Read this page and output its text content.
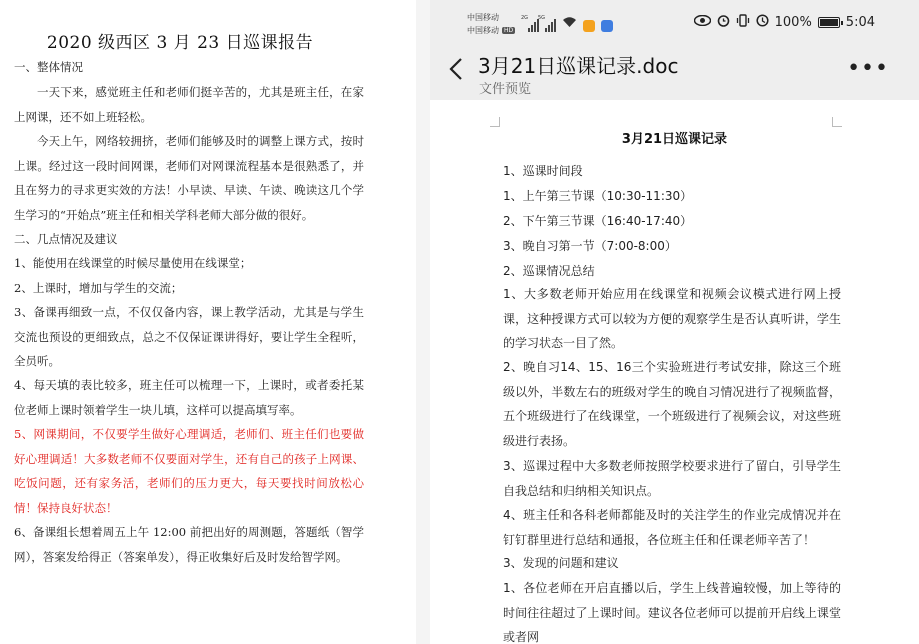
2020 级西区 3 月 23 日巡课报告
一、整体情况
一天下来，感觉班主任和老师们挺辛苦的，尤其是班主任，在家上网课，还不如上班轻松。
今天上午，网络较拥挤，老师们能够及时的调整上课方式，按时上课。经过这一段时间网课，老师们对网课流程基本是很熟悉了，并且在努力的寻求更实效的方法！小早读、早读、午读、晚读这几个学生学习的“开始点”班主任和相关学科老师大部分做的很好。
二、几点情况及建议
1、能使用在线课堂的时候尽量使用在线课堂；
2、上课时，增加与学生的交流；
3、备课再细致一点，不仅仅备内容，课上教学活动，尤其是与学生交流也预设的更细致点，总之不仅保证课讲得好，要让学生全程听，全员听。
4、每天填的表比较多，班主任可以梳理一下，上课时，或者委托某位老师上课时领着学生一块儿填，这样可以提高填写率。
5、网课期间，不仅要学生做好心理调适，老师们、班主任们也要做好心理调适！大多数老师不仅要面对学生，还有自己的孩子上网课、吃饭问题，还有家务活，老师们的压力更大，每天要找时间放松心情！保持良好状态！
6、备课组长想着周五上午 12:00 前把出好的周测题，答题纸（智学网），答案发给得正（答案单发），得正收集好后及时发给智学网。
中国移动
中国移动 HD
2G 5G	100%	5:04
3月21日巡课记录.doc
文件预览
•••
3月21日巡课记录
1、巡课时间段
1、上午第三节课（10:30-11:30）
2、下午第三节课（16:40-17:40）
3、晚自习第一节（7:00-8:00）
2、巡课情况总结
1、大多数老师开始应用在线课堂和视频会议模式进行网上授课，这种授课方式可以较为方便的观察学生是否认真听讲，学生的学习状态一目了然。
2、晚自习14、15、16三个实验班进行考试安排，除这三个班级以外，半数左右的班级对学生的晚自习情况进行了视频监督，五个班级进行了在线课堂，一个班级进行了视频会议，对这些班级进行表扬。
3、巡课过程中大多数老师按照学校要求进行了留白，引导学生自我总结和归纳相关知识点。
4、班主任和各科老师都能及时的关注学生的作业完成情况并在钉钉群里进行总结和通报，各位班主任和任课老师辛苦了！
3、发现的问题和建议
1、各位老师在开启直播以后，学生上线普遍较慢，加上等待的时间往往超过了上课时间。建议各位老师可以提前开启线上课堂或者网
